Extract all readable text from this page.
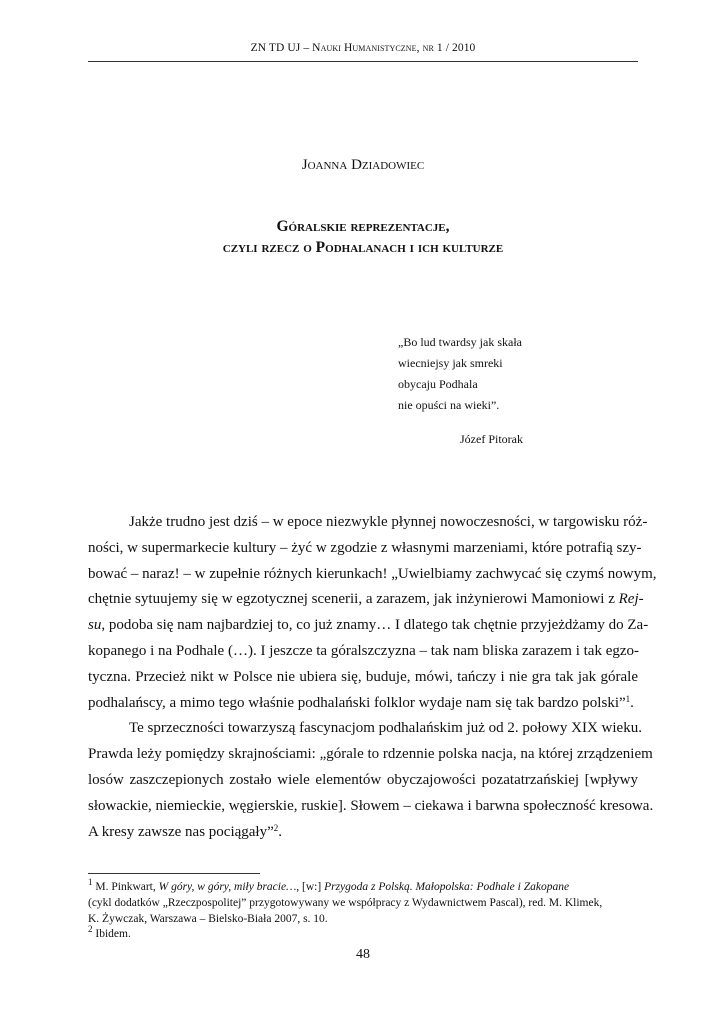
ZN TD UJ – Nauki Humanistyczne, nr 1 / 2010
Joanna Dziadowiec
Góralskie reprezentacje,
czyli rzecz o Podhalanach i ich kulturze
„Bo lud twardsy jak skała
wiecniejsy jak smreki
obycaju Podhala
nie opuści na wieki”.
Józef Pitorak
Jakże trudno jest dziś – w epoce niezwykle płynnej nowoczesności, w targowisku róż-
ności, w supermarkecie kultury – żyć w zgodzie z własnymi marzeniami, które potrafią szy-
bować – naraz! – w zupełnie różnych kierunkach! „Uwielbiamy zachwycać się czymś nowym,
chętnie sytuujemy się w egzotycznej scenerii, a zarazem, jak inżynierowi Mamoniowi z Rej-
su, podoba się nam najbardziej to, co już znamy… I dlatego tak chętnie przyjeżdżamy do Za-
kopanego i na Podhale (…). I jeszcze ta góralszczyzna – tak nam bliska zarazem i tak egzo-
tyczna. Przecież nikt w Polsce nie ubiera się, buduje, mówi, tańczy i nie gra tak jak górale
podhalańscy, a mimo tego właśnie podhalański folklor wydaje nam się tak bardzo polski”$^1$.
Te sprzeczności towarzyszą fascynacjom podhalańskim już od 2. połowy XIX wieku.
Prawda leży pomiędzy skrajnościami: „górale to rdzennie polska nacja, na której zrządzeniem
losów zaszczepionych zostało wiele elementów obyczajowości pozatatrzańskiej [wpływy
słowackie, niemieckie, węgierskie, ruskie]. Słowem – ciekawa i barwna społeczność kresowa.
A kresy zawsze nas pociągały”$^2$.
$^1$ M. Pinkwart, W góry, w góry, miły bracie…, [w:] Przygoda z Polską. Małopolska: Podhale i Zakopane
(cykl dodatków „Rzeczpospolitej” przygotowywany we współpracy z Wydawnictwem Pascal), red. M. Klimek,
K. Żywczak, Warszawa – Bielsko-Biała 2007, s. 10.
$^2$ Ibidem.
48
